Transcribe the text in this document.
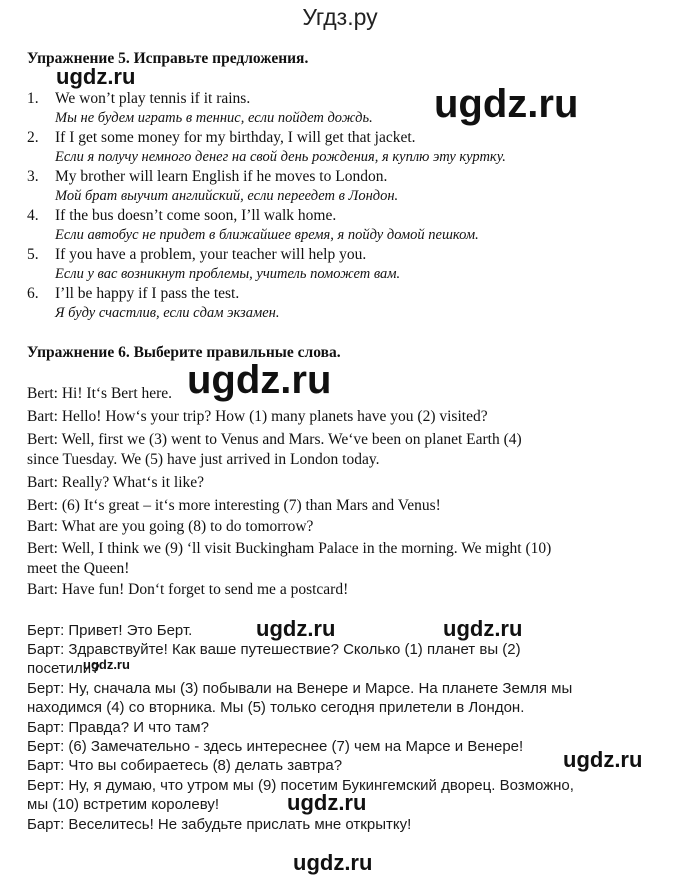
Угдз.ру
Упражнение 5. Исправьте предложения.
1. We won’t play tennis if it rains.
Мы не будем играть в теннис, если пойдет дождь.
2. If I get some money for my birthday, I will get that jacket.
Если я получу немного денег на свой день рождения, я куплю эту куртку.
3. My brother will learn English if he moves to London.
Мой брат выучит английский, если переедет в Лондон.
4. If the bus doesn’t come soon, I’ll walk home.
Если автобус не придет в ближайшее время, я пойду домой пешком.
5. If you have a problem, your teacher will help you.
Если у вас возникнут проблемы, учитель поможет вам.
6. I’ll be happy if I pass the test.
Я буду счастлив, если сдам экзамен.
Упражнение 6. Выберите правильные слова.
Bert: Hi! It‘s Bert here.
Bart: Hello! How‘s your trip? How (1) many planets have you (2) visited?
Bert: Well, first we (3) went to Venus and Mars. We‘ve been on planet Earth (4)
since Tuesday. We (5) have just arrived in London today.
Bart: Really? What‘s it like?
Bert: (6) It‘s great – it‘s more interesting (7) than Mars and Venus!
Bart: What are you going (8) to do tomorrow?
Bert: Well, I think we (9) ‘ll visit Buckingham Palace in the morning. We might (10)
meet the Queen!
Bart: Have fun! Don‘t forget to send me a postcard!
Берт: Привет! Это Берт.
Барт: Здравствуйте! Как ваше путешествие? Сколько (1) планет вы (2)
посетили?
Берт: Ну, сначала мы (3) побывали на Венере и Марсе. На планете Земля мы
находимся (4) со вторника. Мы (5) только сегодня прилетели в Лондон.
Барт: Правда? И что там?
Берт: (6) Замечательно - здесь интереснее (7) чем на Марсе и Венере!
Барт: Что вы собираетесь (8) делать завтра?
Берт: Ну, я думаю, что утром мы (9) посетим Букингемский дворец. Возможно,
мы (10) встретим королеву!
Барт: Веселитесь! Не забудьте прислать мне открытку!
ugdz.ru
ugdz.ru
ugdz.ru
ugdz.ru	ugdz.ru
ugdz.ru
ugdz.ru
ugdz.ru
ugdz.ru
